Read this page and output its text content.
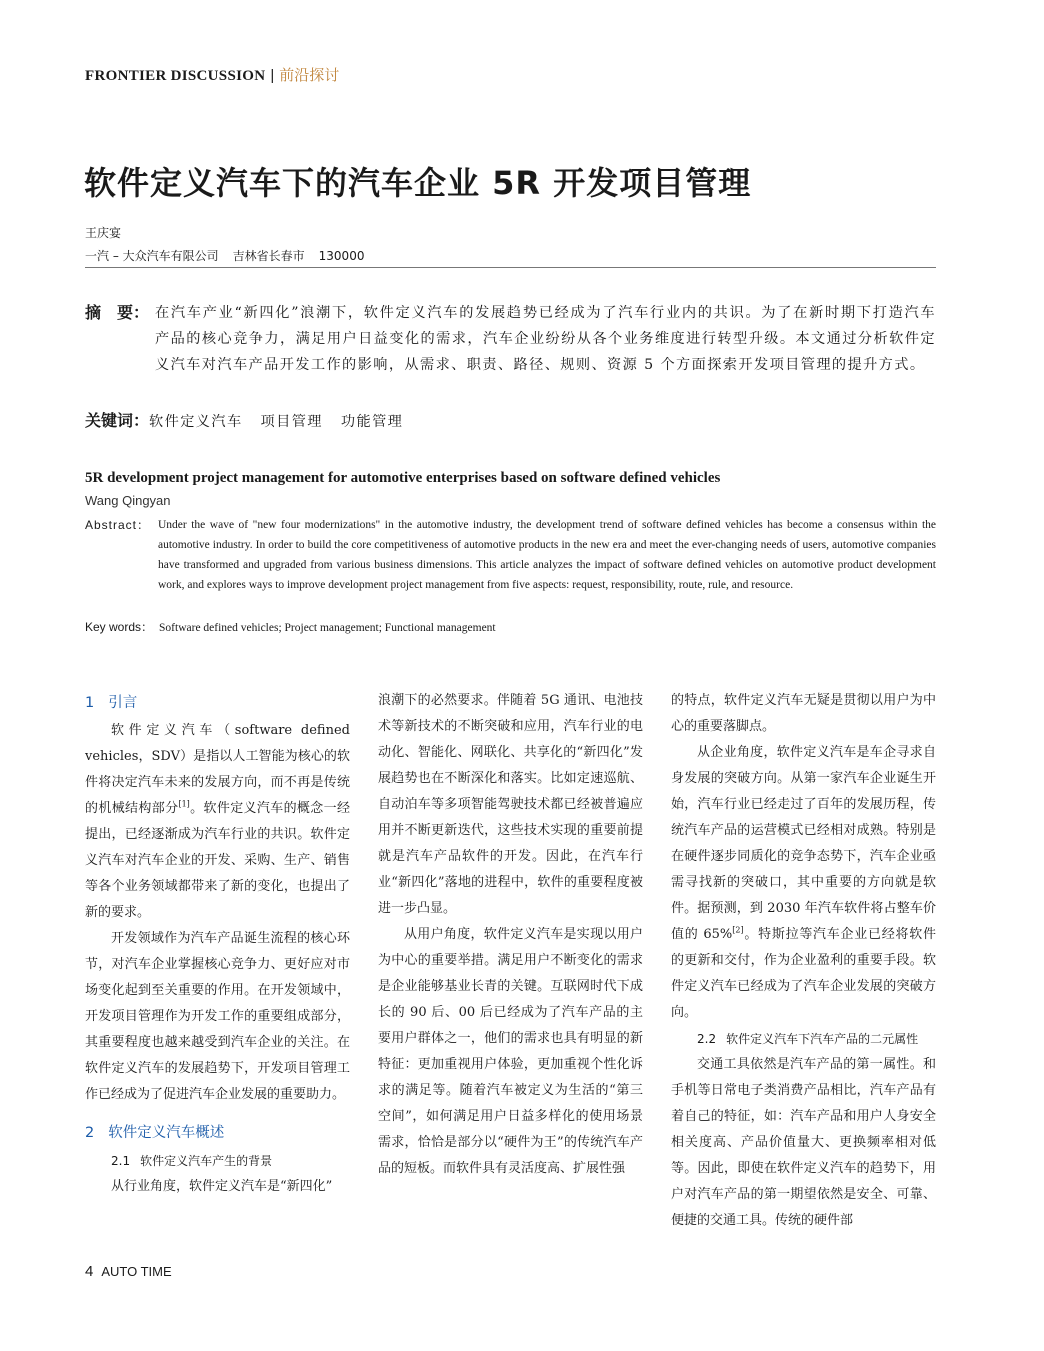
FRONTIER DISCUSSION | 前沿探讨
软件定义汽车下的汽车企业 5R 开发项目管理
王庆宴
一汽 – 大众汽车有限公司 吉林省长春市 130000
摘　要： 在汽车产业“新四化”浪潮下，软件定义汽车的发展趋势已经成为了汽车行业内的共识。为了在新时期下打造汽车产品的核心竞争力，满足用户日益变化的需求，汽车企业纷纷从各个业务维度进行转型升级。本文通过分析软件定义汽车对汽车产品开发工作的影响，从需求、职责、路径、规则、资源 5 个方面探索开发项目管理的提升方式。
关键词：软件定义汽车 项目管理 功能管理
5R development project management for automotive enterprises based on software defined vehicles
Wang Qingyan
Abstract： Under the wave of "new four modernizations" in the automotive industry, the development trend of software defined vehicles has become a consensus within the automotive industry. In order to build the core competitiveness of automotive products in the new era and meet the ever-changing needs of users, automotive companies have transformed and upgraded from various business dimensions. This article analyzes the impact of software defined vehicles on automotive product development work, and explores ways to improve development project management from five aspects: request, responsibility, route, rule, and resource.
Key words： Software defined vehicles; Project management; Functional management
1 引言

软件定义汽车（software defined vehicles，SDV）是指以人工智能为核心的软件将决定汽车未来的发展方向，而不再是传统的机械结构部分[1]。软件定义汽车的概念一经提出，已经逐渐成为汽车行业的共识。软件定义汽车对汽车企业的开发、采购、生产、销售等各个业务领域都带来了新的变化，也提出了新的要求。

开发领域作为汽车产品诞生流程的核心环节，对汽车企业掌握核心竞争力、更好应对市场变化起到至关重要的作用。在开发领域中，开发项目管理作为开发工作的重要组成部分，其重要程度也越来越受到汽车企业的关注。在软件定义汽车的发展趋势下，开发项目管理工作已经成为了促进汽车企业发展的重要助力。

2 软件定义汽车概述
2.1 软件定义汽车产生的背景

从行业角度，软件定义汽车是“新四化”

浪潮下的必然要求。伴随着 5G 通讯、电池技术等新技术的不断突破和应用，汽车行业的电动化、智能化、网联化、共享化的“新四化”发展趋势也在不断深化和落实。比如定速巡航、自动泊车等多项智能驾驶技术都已经被普遍应用并不断更新迭代，这些技术实现的重要前提就是汽车产品软件的开发。因此，在汽车行业“新四化”落地的进程中，软件的重要程度被进一步凸显。

从用户角度，软件定义汽车是实现以用户为中心的重要举措。满足用户不断变化的需求是企业能够基业长青的关键。互联网时代下成长的 90 后、00 后已经成为了汽车产品的主要用户群体之一，他们的需求也具有明显的新特征：更加重视用户体验，更加重视个性化诉求的满足等。随着汽车被定义为生活的“第三空间”，如何满足用户日益多样化的使用场景需求，恰恰是部分以“硬件为王”的传统汽车产品的短板。而软件具有灵活度高、扩展性强

的特点，软件定义汽车无疑是贯彻以用户为中心的重要落脚点。

从企业角度，软件定义汽车是车企寻求自身发展的突破方向。从第一家汽车企业诞生开始，汽车行业已经走过了百年的发展历程，传统汽车产品的运营模式已经相对成熟。特别是在硬件逐步同质化的竞争态势下，汽车企业亟需寻找新的突破口，其中重要的方向就是软件。据预测，到 2030 年汽车软件将占整车价值的 65%[2]。特斯拉等汽车企业已经将软件的更新和交付，作为企业盈利的重要手段。软件定义汽车已经成为了汽车企业发展的突破方向。

2.2 软件定义汽车下汽车产品的二元属性

交通工具依然是汽车产品的第一属性。和手机等日常电子类消费产品相比，汽车产品有着自己的特征，如：汽车产品和用户人身安全相关度高、产品价值量大、更换频率相对低等。因此，即使在软件定义汽车的趋势下，用户对汽车产品的第一期望依然是安全、可靠、便捷的交通工具。传统的硬件部

4 AUTO TIME
